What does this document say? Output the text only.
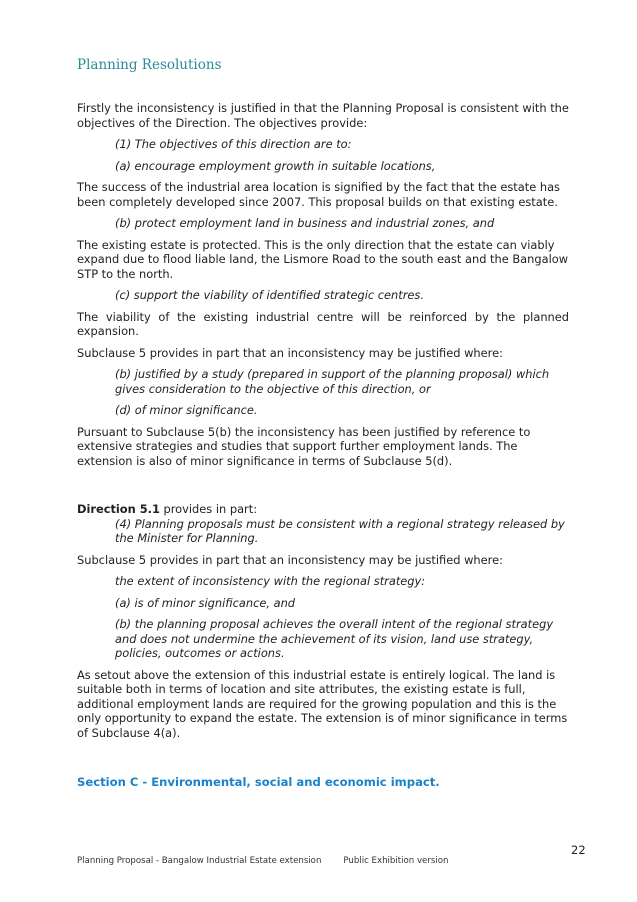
Planning Resolutions

Firstly the inconsistency is justified in that the Planning Proposal is consistent with the objectives of the Direction. The objectives provide:

(1) The objectives of this direction are to:

(a) encourage employment growth in suitable locations,

The success of the industrial area location is signified by the fact that the estate has been completely developed since 2007. This proposal builds on that existing estate.

(b) protect employment land in business and industrial zones, and

The existing estate is protected. This is the only direction that the estate can viably expand due to flood liable land, the Lismore Road to the south east and the Bangalow STP to the north.

(c) support the viability of identified strategic centres.

The viability of the existing industrial centre will be reinforced by the planned expansion.

Subclause 5 provides in part that an inconsistency may be justified where:

(b) justified by a study (prepared in support of the planning proposal) which gives consideration to the objective of this direction, or

(d) of minor significance.

Pursuant to Subclause 5(b) the inconsistency has been justified by reference to extensive strategies and studies that support further employment lands. The extension is also of minor significance in terms of Subclause 5(d).

Direction 5.1 provides in part:

(4) Planning proposals must be consistent with a regional strategy released by the Minister for Planning.

Subclause 5 provides in part that an inconsistency may be justified where:

the extent of inconsistency with the regional strategy:

(a) is of minor significance, and

(b) the planning proposal achieves the overall intent of the regional strategy and does not undermine the achievement of its vision, land use strategy, policies, outcomes or actions.

As setout above the extension of this industrial estate is entirely logical. The land is suitable both in terms of location and site attributes, the existing estate is full, additional employment lands are required for the growing population and this is the only opportunity to expand the estate. The extension is of minor significance in terms of Subclause 4(a).

Section C - Environmental, social and economic impact.

22
Planning Proposal - Bangalow Industrial Estate extension	Public Exhibition version
